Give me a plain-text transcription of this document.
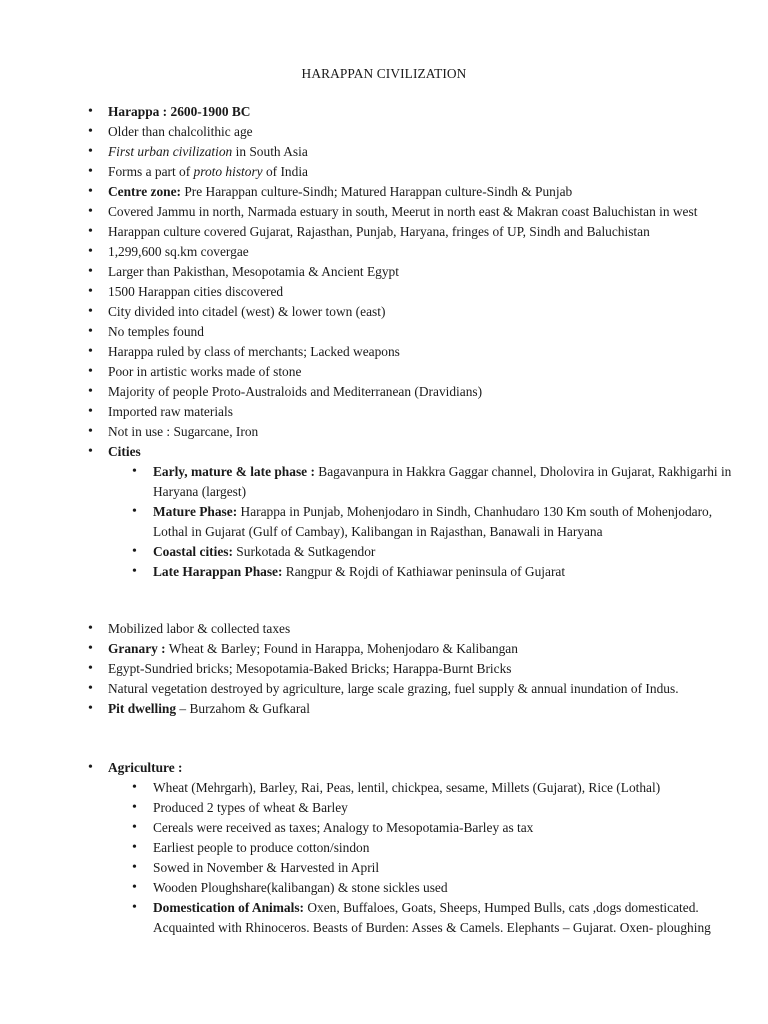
HARAPPAN CIVILIZATION
• Harappa : 2600-1900 BC
• Older than chalcolithic age
• First urban civilization in South Asia
• Forms a part of proto history of India
• Centre zone: Pre Harappan culture-Sindh; Matured Harappan culture-Sindh & Punjab
• Covered Jammu in north, Narmada estuary in south, Meerut in north east & Makran coast Baluchistan in west
• Harappan culture covered Gujarat, Rajasthan, Punjab, Haryana, fringes of UP, Sindh and Baluchistan
• 1,299,600 sq.km covergae
• Larger than Pakisthan, Mesopotamia & Ancient Egypt
• 1500 Harappan cities discovered
• City divided into citadel (west) & lower town (east)
• No temples found
• Harappa ruled by class of merchants; Lacked weapons
• Poor in artistic works made of stone
• Majority of people Proto-Australoids and Mediterranean (Dravidians)
• Imported raw materials
• Not in use : Sugarcane, Iron
• Cities
• Early, mature & late phase : Bagavanpura in Hakkra Gaggar channel, Dholovira in Gujarat, Rakhigarhi in Haryana (largest)
• Mature Phase: Harappa in Punjab, Mohenjodaro in Sindh, Chanhudaro 130 Km south of Mohenjodaro, Lothal in Gujarat (Gulf of Cambay), Kalibangan in Rajasthan, Banawali in Haryana
• Coastal cities: Surkotada & Sutkagendor
• Late Harappan Phase: Rangpur & Rojdi of Kathiawar peninsula of Gujarat
• Mobilized labor & collected taxes
• Granary : Wheat & Barley; Found in Harappa, Mohenjodaro & Kalibangan
• Egypt-Sundried bricks; Mesopotamia-Baked Bricks; Harappa-Burnt Bricks
• Natural vegetation destroyed by agriculture, large scale grazing, fuel supply & annual inundation of Indus.
• Pit dwelling – Burzahom & Gufkaral
• Agriculture :
• Wheat (Mehrgarh), Barley, Rai, Peas, lentil, chickpea, sesame, Millets (Gujarat), Rice (Lothal)
• Produced 2 types of wheat & Barley
• Cereals were received as taxes; Analogy to Mesopotamia-Barley as tax
• Earliest people to produce cotton/sindon
• Sowed in November & Harvested in April
• Wooden Ploughshare(kalibangan) & stone sickles used
• Domestication of Animals: Oxen, Buffaloes, Goats, Sheeps, Humped Bulls, cats ,dogs domesticated. Acquainted with Rhinoceros. Beasts of Burden: Asses & Camels. Elephants – Gujarat. Oxen- ploughing
